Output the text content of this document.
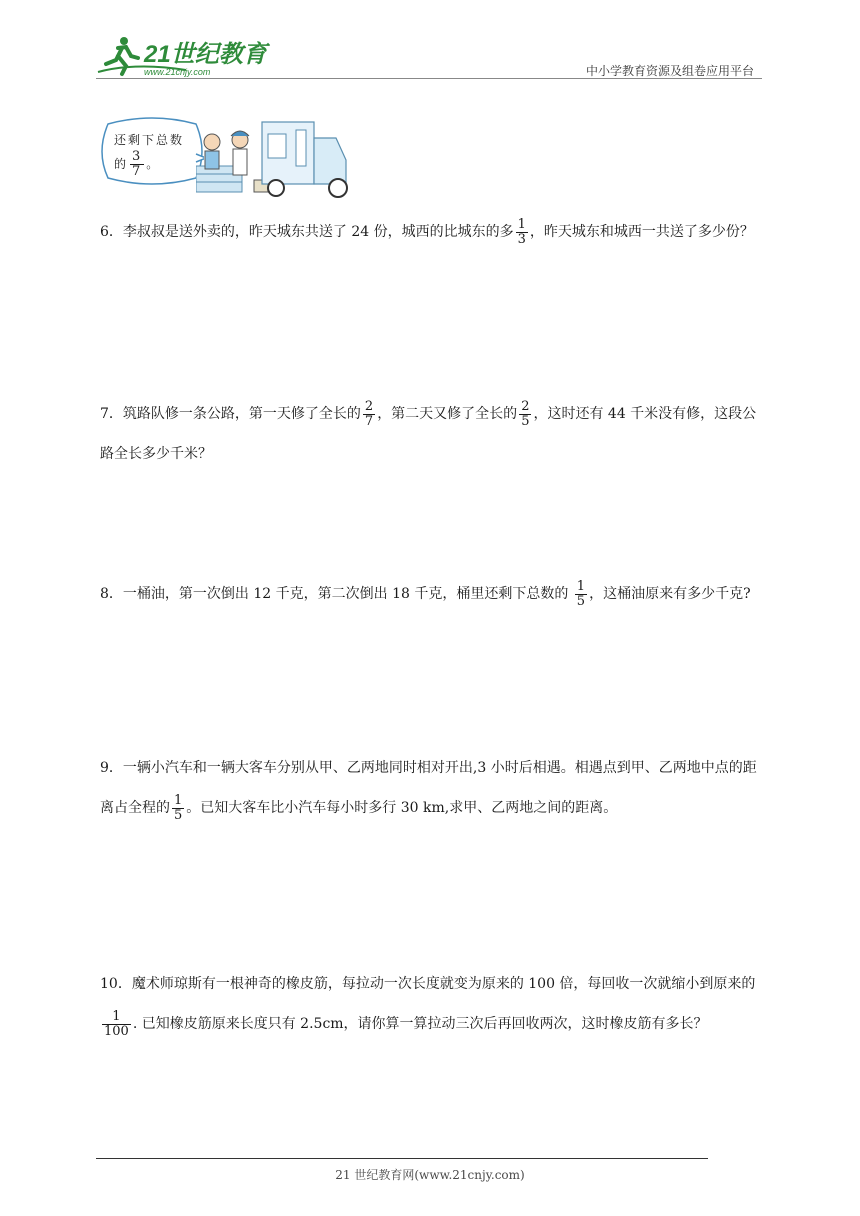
21世纪教育
www.21cnjy.com	中小学教育资源及组卷应用平台
还剩下总数
的 $\frac{3}{7}$ 。
6．李叔叔是送外卖的，昨天城东共送了 24 份，城西的比城东的多 $\frac{1}{3}$ ，昨天城东和城西一共送了多少份？
7．筑路队修一条公路，第一天修了全长的 $\frac{2}{7}$ ，第二天又修了全长的 $\frac{2}{5}$ ，这时还有 44 千米没有修，这段公路全长多少千米？
8．一桶油，第一次倒出 12 千克，第二次倒出 18 千克，桶里还剩下总数的 $\frac{1}{5}$ ，这桶油原来有多少千克?
9．一辆小汽车和一辆大客车分别从甲、乙两地同时相对开出,3 小时后相遇。相遇点到甲、乙两地中点的距离占全程的 $\frac{1}{5}$ 。已知大客车比小汽车每小时多行 30 km,求甲、乙两地之间的距离。
10．魔术师琼斯有一根神奇的橡皮筋，每拉动一次长度就变为原来的 100 倍，每回收一次就缩小到原来的
$\frac{1}{100}$ . 已知橡皮筋原来长度只有 2.5cm，请你算一算拉动三次后再回收两次，这时橡皮筋有多长？
21 世纪教育网(www.21cnjy.com)
